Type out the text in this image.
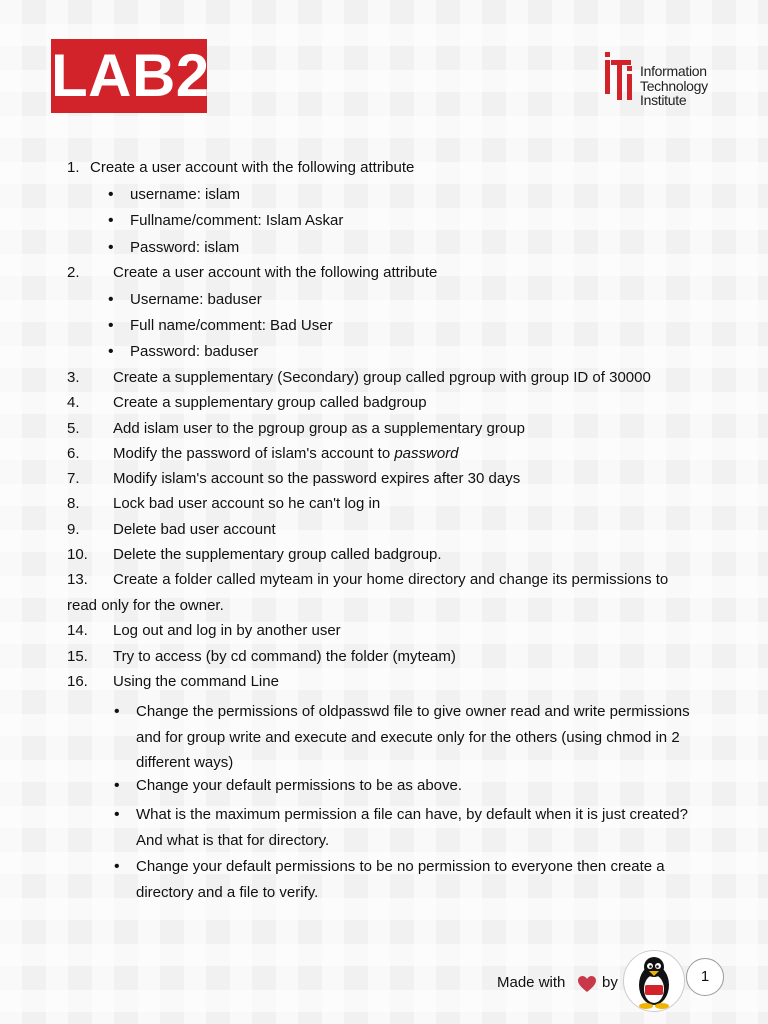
LAB2	Information
Technology
Institute
1. Create a user account with the following attribute
• username: islam
• Fullname/comment: Islam Askar
• Password: islam
2. Create a user account with the following attribute
• Username: baduser
• Full name/comment: Bad User
• Password: baduser
3. Create a supplementary (Secondary) group called pgroup with group ID of 30000
4. Create a supplementary group called badgroup
5. Add islam user to the pgroup group as a supplementary group
6. Modify the password of islam's account to password
7. Modify islam's account so the password expires after 30 days
8. Lock bad user account so he can't log in
9. Delete bad user account
10. Delete the supplementary group called badgroup.
13. Create a folder called myteam in your home directory and change its permissions to
read only for the owner.
14. Log out and log in by another user
15. Try to access (by cd command) the folder (myteam)
16. Using the command Line
• Change the permissions of oldpasswd file to give owner read and write permissions and for group write and execute and execute only for the others (using chmod in 2 different ways)
• Change your default permissions to be as above.
• What is the maximum permission a file can have, by default when it is just created? And what is that for directory.
• Change your default permissions to be no permission to everyone then create a directory and a file to verify.
Made with by	1
